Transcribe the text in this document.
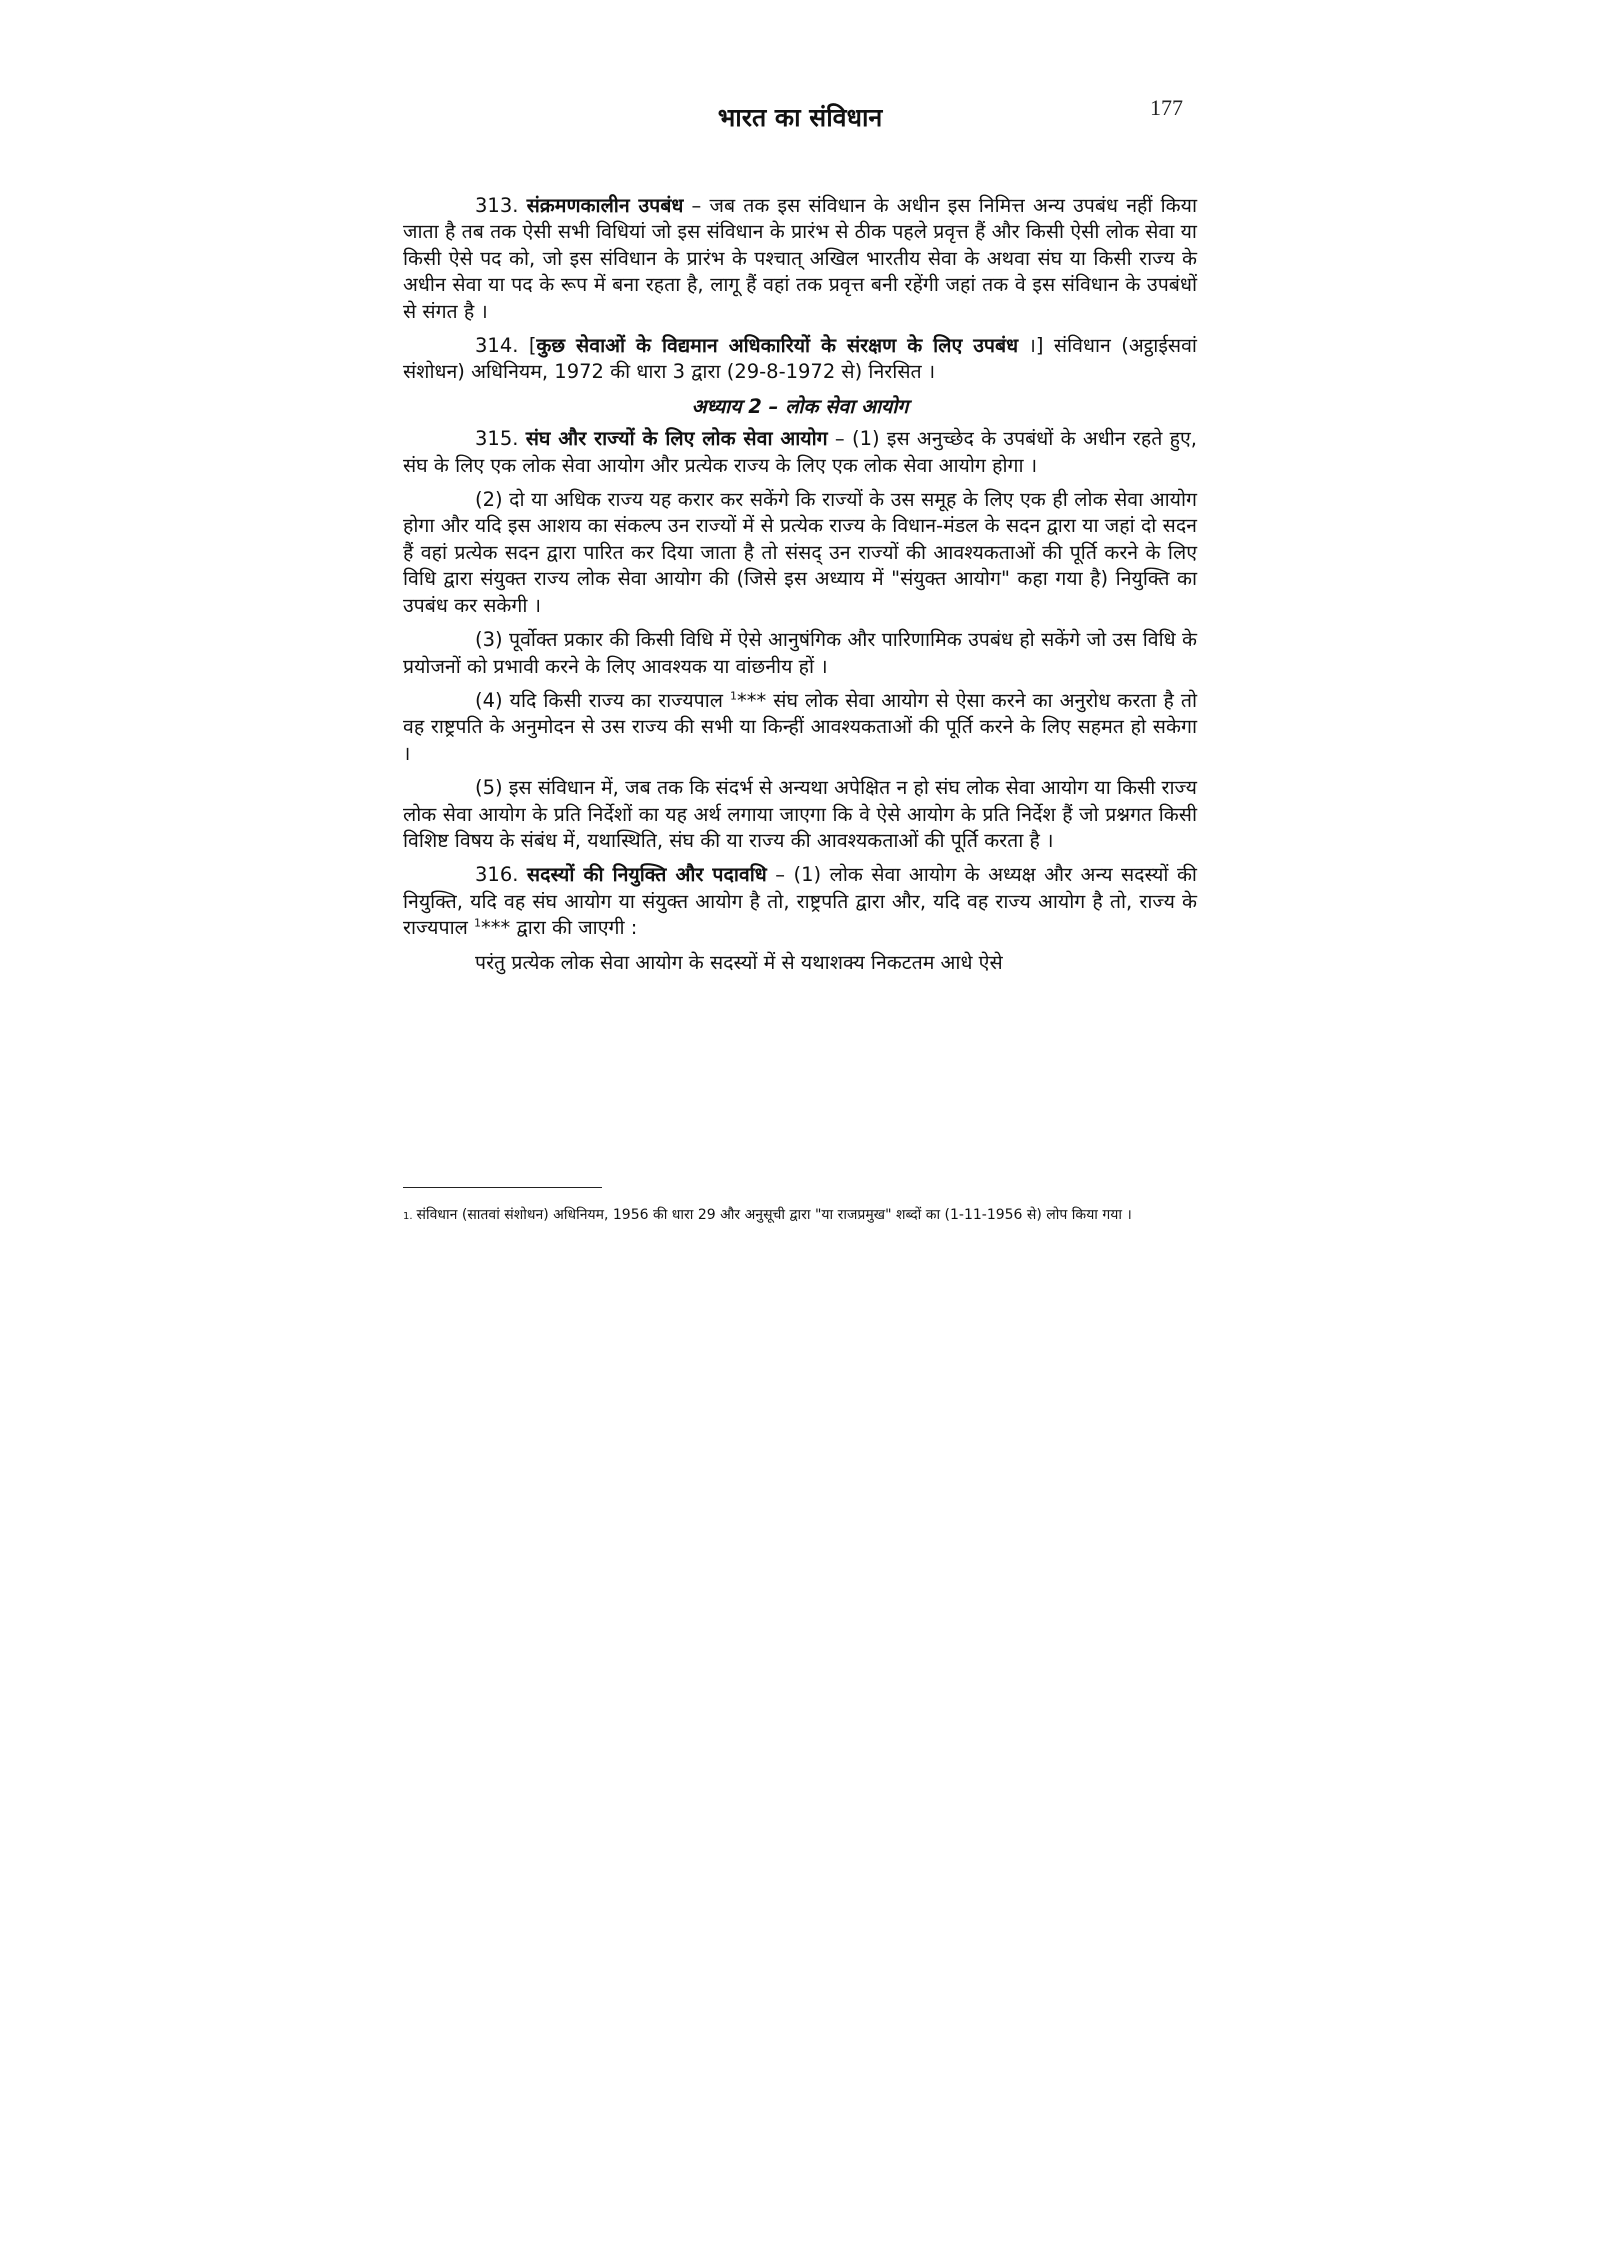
भारत का संविधान	177

313. संक्रमणकालीन उपबंध – जब तक इस संविधान के अधीन इस निमित्त अन्य उपबंध नहीं किया जाता है तब तक ऐसी सभी विधियां जो इस संविधान के प्रारंभ से ठीक पहले प्रवृत्त हैं और किसी ऐसी लोक सेवा या किसी ऐसे पद को, जो इस संविधान के प्रारंभ के पश्चात् अखिल भारतीय सेवा के अथवा संघ या किसी राज्य के अधीन सेवा या पद के रूप में बना रहता है, लागू हैं वहां तक प्रवृत्त बनी रहेंगी जहां तक वे इस संविधान के उपबंधों से संगत है ।

314. [कुछ सेवाओं के विद्यमान अधिकारियों के संरक्षण के लिए उपबंध ।] संविधान (अट्ठाईसवां संशोधन) अधिनियम, 1972 की धारा 3 द्वारा (29-8-1972 से) निरसित ।

अध्याय 2 – लोक सेवा आयोग

315. संघ और राज्यों के लिए लोक सेवा आयोग – (1) इस अनुच्छेद के उपबंधों के अधीन रहते हुए, संघ के लिए एक लोक सेवा आयोग और प्रत्येक राज्य के लिए एक लोक सेवा आयोग होगा ।

(2) दो या अधिक राज्य यह करार कर सकेंगे कि राज्यों के उस समूह के लिए एक ही लोक सेवा आयोग होगा और यदि इस आशय का संकल्प उन राज्यों में से प्रत्येक राज्य के विधान-मंडल के सदन द्वारा या जहां दो सदन हैं वहां प्रत्येक सदन द्वारा पारित कर दिया जाता है तो संसद् उन राज्यों की आवश्यकताओं की पूर्ति करने के लिए विधि द्वारा संयुक्त राज्य लोक सेवा आयोग की (जिसे इस अध्याय में "संयुक्त आयोग" कहा गया है) नियुक्ति का उपबंध कर सकेगी ।

(3) पूर्वोक्त प्रकार की किसी विधि में ऐसे आनुषंगिक और पारिणामिक उपबंध हो सकेंगे जो उस विधि के प्रयोजनों को प्रभावी करने के लिए आवश्यक या वांछनीय हों ।

(4) यदि किसी राज्य का राज्यपाल $^1$*** संघ लोक सेवा आयोग से ऐसा करने का अनुरोध करता है तो वह राष्ट्रपति के अनुमोदन से उस राज्य की सभी या किन्हीं आवश्यकताओं की पूर्ति करने के लिए सहमत हो सकेगा ।

(5) इस संविधान में, जब तक कि संदर्भ से अन्यथा अपेक्षित न हो संघ लोक सेवा आयोग या किसी राज्य लोक सेवा आयोग के प्रति निर्देशों का यह अर्थ लगाया जाएगा कि वे ऐसे आयोग के प्रति निर्देश हैं जो प्रश्नगत किसी विशिष्ट विषय के संबंध में, यथास्थिति, संघ की या राज्य की आवश्यकताओं की पूर्ति करता है ।

316. सदस्यों की नियुक्ति और पदावधि – (1) लोक सेवा आयोग के अध्यक्ष और अन्य सदस्यों की नियुक्ति, यदि वह संघ आयोग या संयुक्त आयोग है तो, राष्ट्रपति द्वारा और, यदि वह राज्य आयोग है तो, राज्य के राज्यपाल $^1$*** द्वारा की जाएगी :

परंतु प्रत्येक लोक सेवा आयोग के सदस्यों में से यथाशक्य निकटतम आधे ऐसे

1. संविधान (सातवां संशोधन) अधिनियम, 1956 की धारा 29 और अनुसूची द्वारा "या राजप्रमुख" शब्दों का (1-11-1956 से) लोप किया गया ।
